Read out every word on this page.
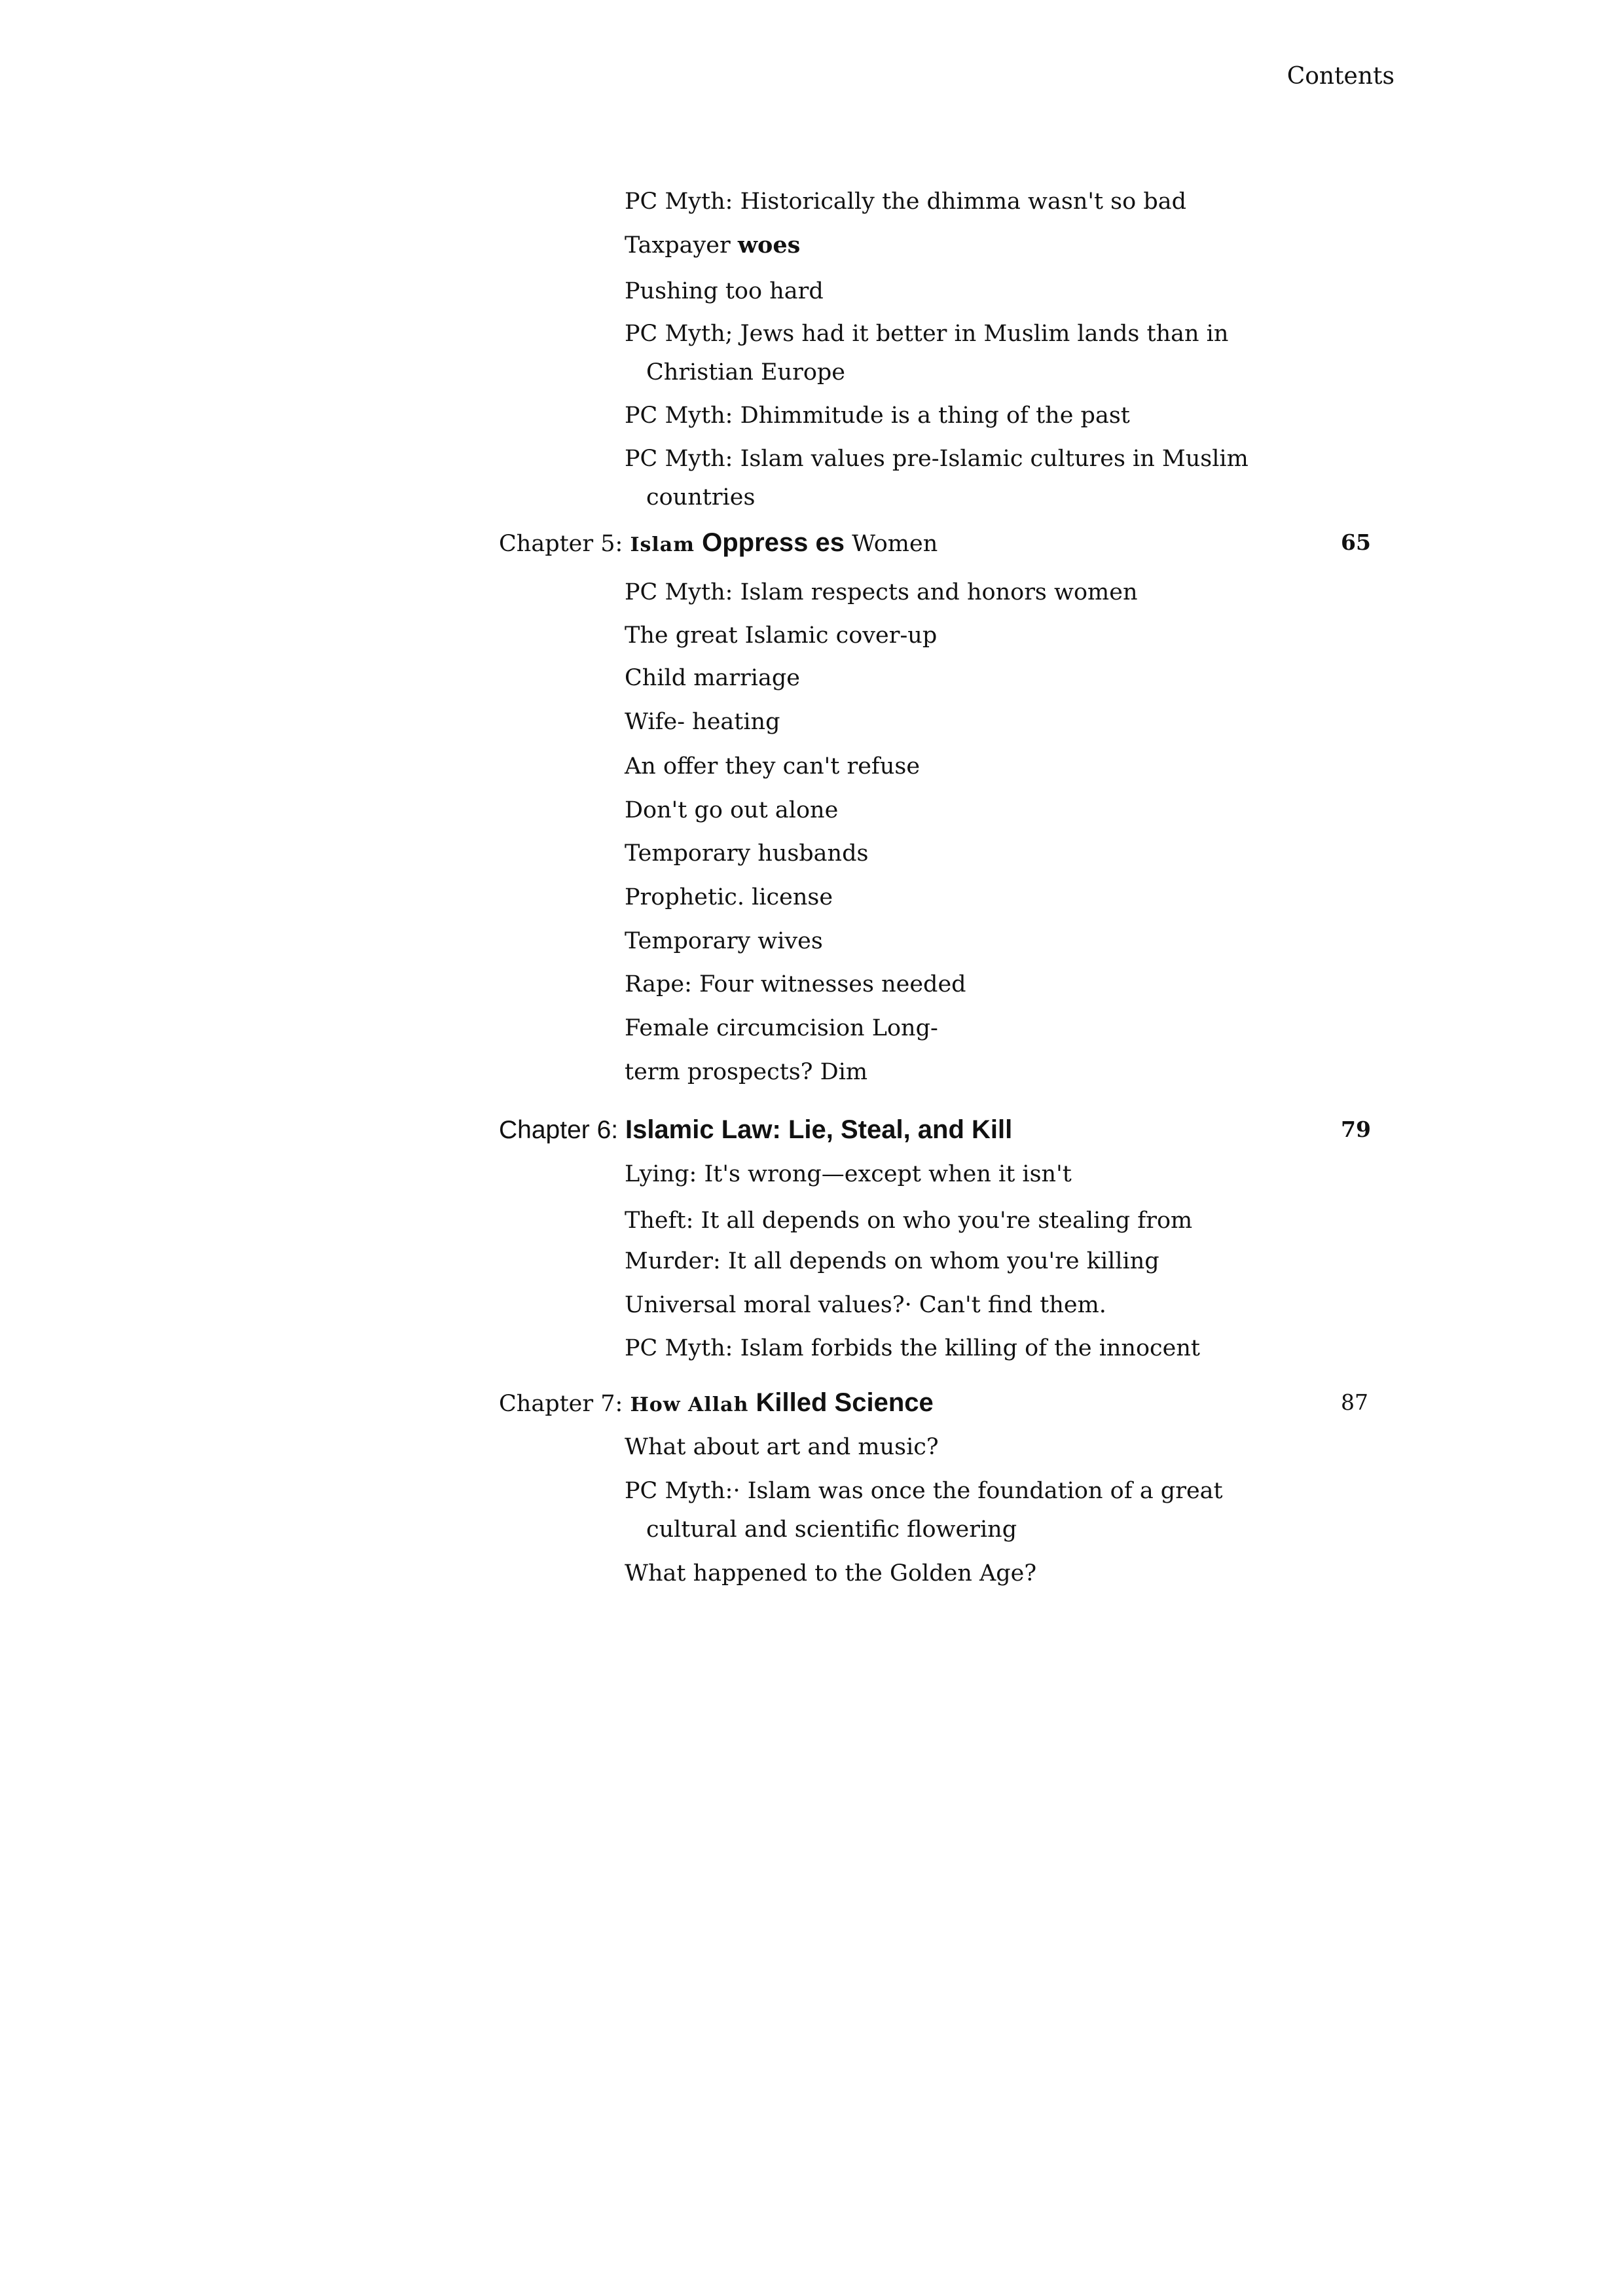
Contents
PC Myth: Historically the dhimma wasn't so bad
Taxpayer woes
Pushing too hard
PC Myth; Jews had it better in Muslim lands than in
Christian Europe
PC Myth: Dhimmitude is a thing of the past
PC Myth: Islam values pre-Islamic cultures in Muslim
countries
Chapter 5: Islam Oppress es Women	65
PC Myth: Islam respects and honors women
The great Islamic cover-up
Child marriage
Wife- heating
An offer they can't refuse
Don't go out alone
Temporary husbands
Prophetic. license
Temporary wives
Rape: Four witnesses needed
Female circumcision Long-
term prospects? Dim
Chapter 6: Islamic Law: Lie, Steal, and Kill	79
Lying: It's wrong—except when it isn't
Theft: It all depends on who you're stealing from
Murder: It all depends on whom you're killing
Universal moral values?· Can't find them.
PC Myth: Islam forbids the killing of the innocent
Chapter 7: How Allah Killed Science	87
What about art and music?
PC Myth:· Islam was once the foundation of a great
cultural and scientific flowering
What happened to the Golden Age?
